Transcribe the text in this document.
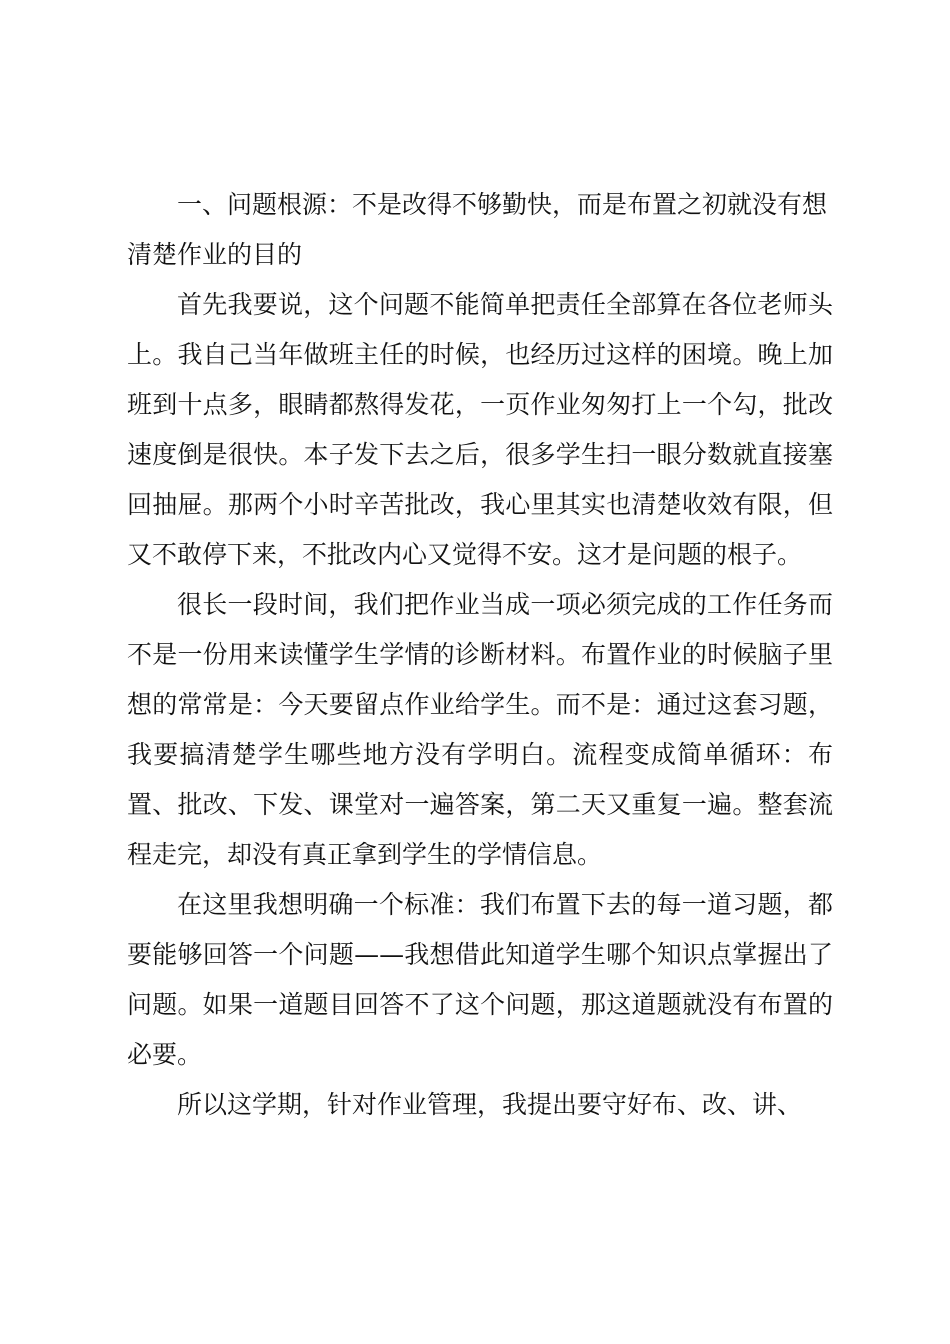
一、问题根源：不是改得不够勤快，而是布置之初就没有想清楚作业的目的

首先我要说，这个问题不能简单把责任全部算在各位老师头上。我自己当年做班主任的时候，也经历过这样的困境。晚上加班到十点多，眼睛都熬得发花，一页作业匆匆打上一个勾，批改速度倒是很快。本子发下去之后，很多学生扫一眼分数就直接塞回抽屉。那两个小时辛苦批改，我心里其实也清楚收效有限，但又不敢停下来，不批改内心又觉得不安。这才是问题的根子。

很长一段时间，我们把作业当成一项必须完成的工作任务而不是一份用来读懂学生学情的诊断材料。布置作业的时候脑子里想的常常是：今天要留点作业给学生。而不是：通过这套习题，我要搞清楚学生哪些地方没有学明白。流程变成简单循环：布置、批改、下发、课堂对一遍答案，第二天又重复一遍。整套流程走完，却没有真正拿到学生的学情信息。

在这里我想明确一个标准：我们布置下去的每一道习题，都要能够回答一个问题——我想借此知道学生哪个知识点掌握出了问题。如果一道题目回答不了这个问题，那这道题就没有布置的必要。

所以这学期，针对作业管理，我提出要守好布、改、讲、
